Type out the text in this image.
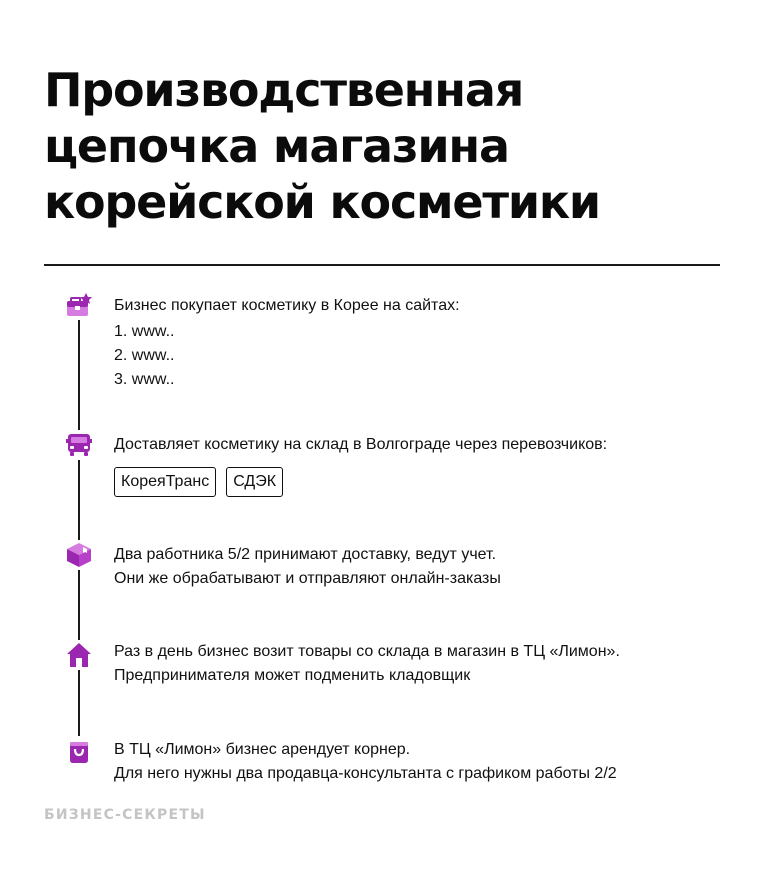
Производственная
цепочка магазина
корейской косметики
Бизнес покупает косметику в Корее на сайтах:
1. www..
2. www..
3. www..
Доставляет косметику на склад в Волгограде через перевозчиков:
КореяТранс	СДЭК
Два работника 5/2 принимают доставку, ведут учет.
Они же обрабатывают и отправляют онлайн-заказы
Раз в день бизнес возит товары со склада в магазин в ТЦ «Лимон».
Предпринимателя может подменить кладовщик
В ТЦ «Лимон» бизнес арендует корнер.
Для него нужны два продавца-консультанта с графиком работы 2/2
БИЗНЕС-СЕКРЕТЫ
